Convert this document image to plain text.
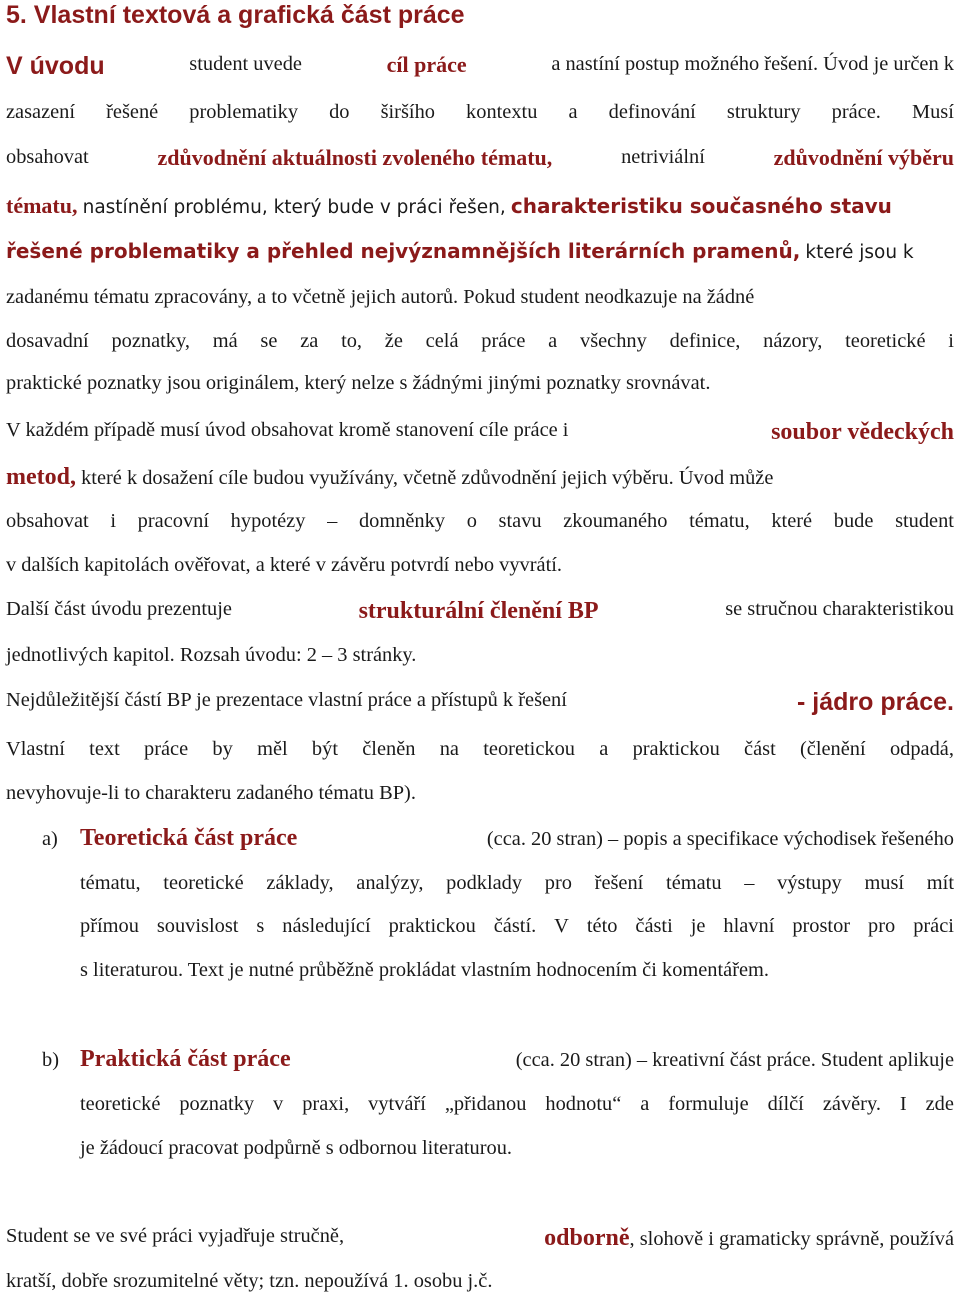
5. Vlastní textová a grafická část práce
V úvodu	student uvede	cíl práce	a nastíní postup možného řešení. Úvod je určen k
zasazení řešené problematiky do širšího kontextu a definování struktury práce. Musí
obsahovat	zdůvodnění aktuálnosti zvoleného tématu,	netriviální	zdůvodnění výběru
tématu, nastínění problému, který bude v práci řešen, charakteristiku současného stavu
řešené problematiky a přehled nejvýznamnějších literárních pramenů, které jsou k
zadanému tématu zpracovány, a to včetně jejich autorů. Pokud student neodkazuje na žádné
dosavadní poznatky, má se za to, že celá práce a všechny definice, názory, teoretické i
praktické poznatky jsou originálem, který nelze s žádnými jinými poznatky srovnávat.
V každém případě musí úvod obsahovat kromě stanovení cíle práce i	soubor vědeckých
metod, které k dosažení cíle budou využívány, včetně zdůvodnění jejich výběru. Úvod může
obsahovat i pracovní hypotézy – domněnky o stavu zkoumaného tématu, které bude student
v dalších kapitolách ověřovat, a které v závěru potvrdí nebo vyvrátí.
Další část úvodu prezentuje	strukturální členění BP	se stručnou charakteristikou
jednotlivých kapitol. Rozsah úvodu: 2 – 3 stránky.
Nejdůležitější částí BP je prezentace vlastní práce a přístupů k řešení	- jádro práce.
Vlastní text práce by měl být členěn na teoretickou a praktickou část (členění odpadá,
nevyhovuje-li to charakteru zadaného tématu BP).
a) Teoretická část práce	(cca. 20 stran) – popis a specifikace východisek řešeného
tématu, teoretické základy, analýzy, podklady pro řešení tématu – výstupy musí mít
přímou souvislost s následující praktickou částí. V této části je hlavní prostor pro práci
s literaturou. Text je nutné průběžně prokládat vlastním hodnocením či komentářem.
b) Praktická část práce	(cca. 20 stran) – kreativní část práce. Student aplikuje
teoretické poznatky v praxi, vytváří „přidanou hodnotu“ a formuluje dílčí závěry. I zde
je žádoucí pracovat podpůrně s odbornou literaturou.
Student se ve své práci vyjadřuje stručně,	odborně, slohově i gramaticky správně, používá
kratší, dobře srozumitelné věty; tzn. nepoužívá 1. osobu j.č.
